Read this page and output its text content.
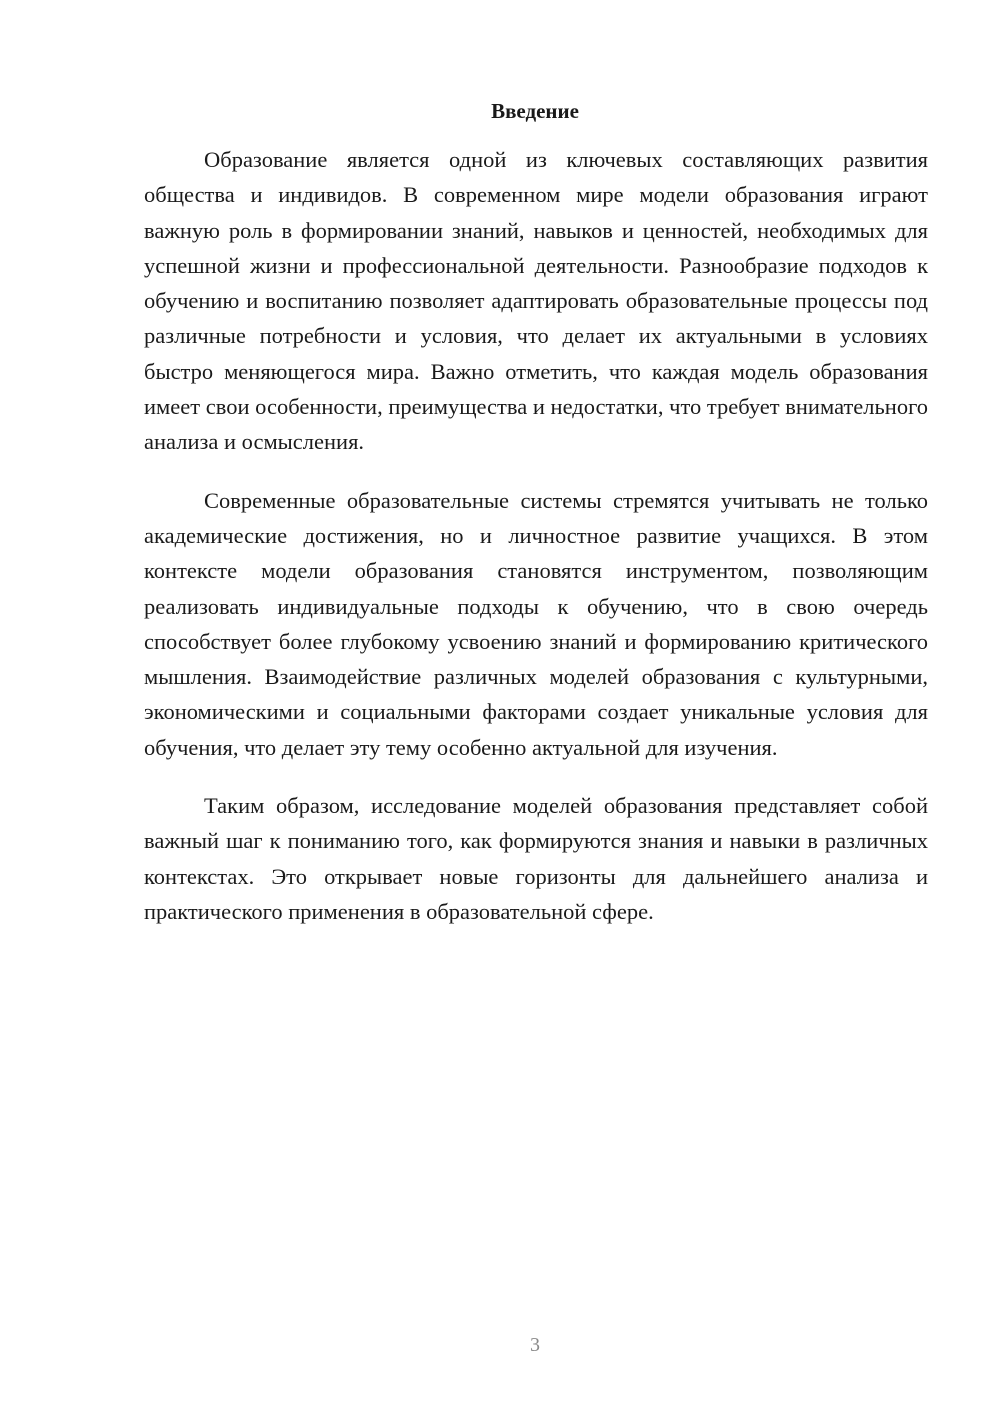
Введение

Образование является одной из ключевых составляющих развития общества и индивидов. В современном мире модели образования играют важную роль в формировании знаний, навыков и ценностей, необходимых для успешной жизни и профессиональной деятельности. Разнообразие подходов к обучению и воспитанию позволяет адаптировать образовательные процессы под различные потребности и условия, что делает их актуальными в условиях быстро меняющегося мира. Важно отметить, что каждая модель образования имеет свои особенности, преимущества и недостатки, что требует внимательного анализа и осмысления.

Современные образовательные системы стремятся учитывать не только академические достижения, но и личностное развитие учащихся. В этом контексте модели образования становятся инструментом, позволяющим реализовать индивидуальные подходы к обучению, что в свою очередь способствует более глубокому усвоению знаний и формированию критического мышления. Взаимодействие различных моделей образования с культурными, экономическими и социальными факторами создает уникальные условия для обучения, что делает эту тему особенно актуальной для изучения.

Таким образом, исследование моделей образования представляет собой важный шаг к пониманию того, как формируются знания и навыки в различных контекстах. Это открывает новые горизонты для дальнейшего анализа и практического применения в образовательной сфере.

3
